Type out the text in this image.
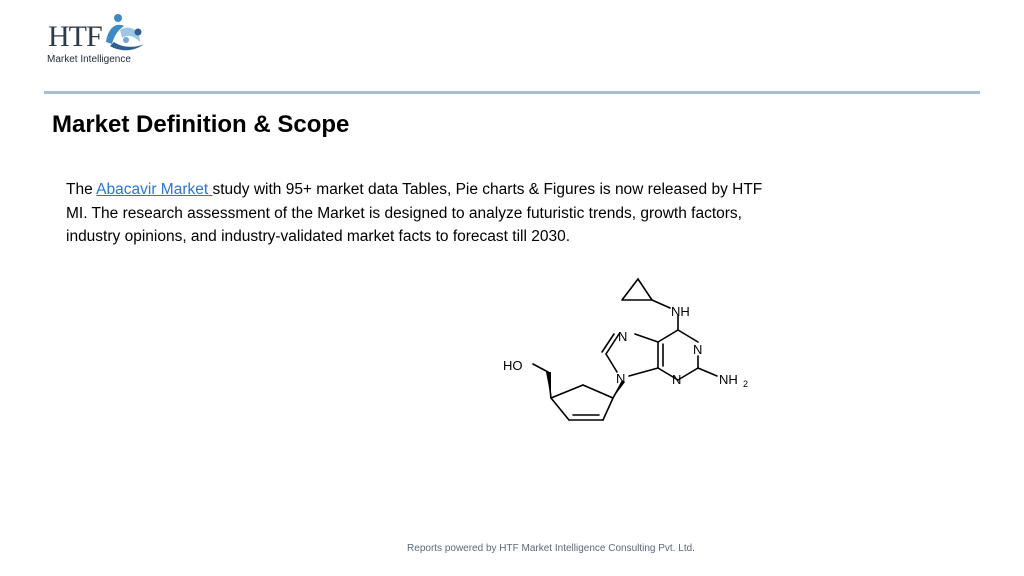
HTF
Market Intelligence
Market Definition & Scope

The Abacavir Market study with 95+ market data Tables, Pie charts & Figures is now released by HTF MI. The research assessment of the Market is designed to analyze futuristic trends, growth factors, industry opinions, and industry-validated market facts to forecast till 2030.

NH
N
N
N	N	NH 2
HO
Reports powered by HTF Market Intelligence Consulting Pvt. Ltd.
